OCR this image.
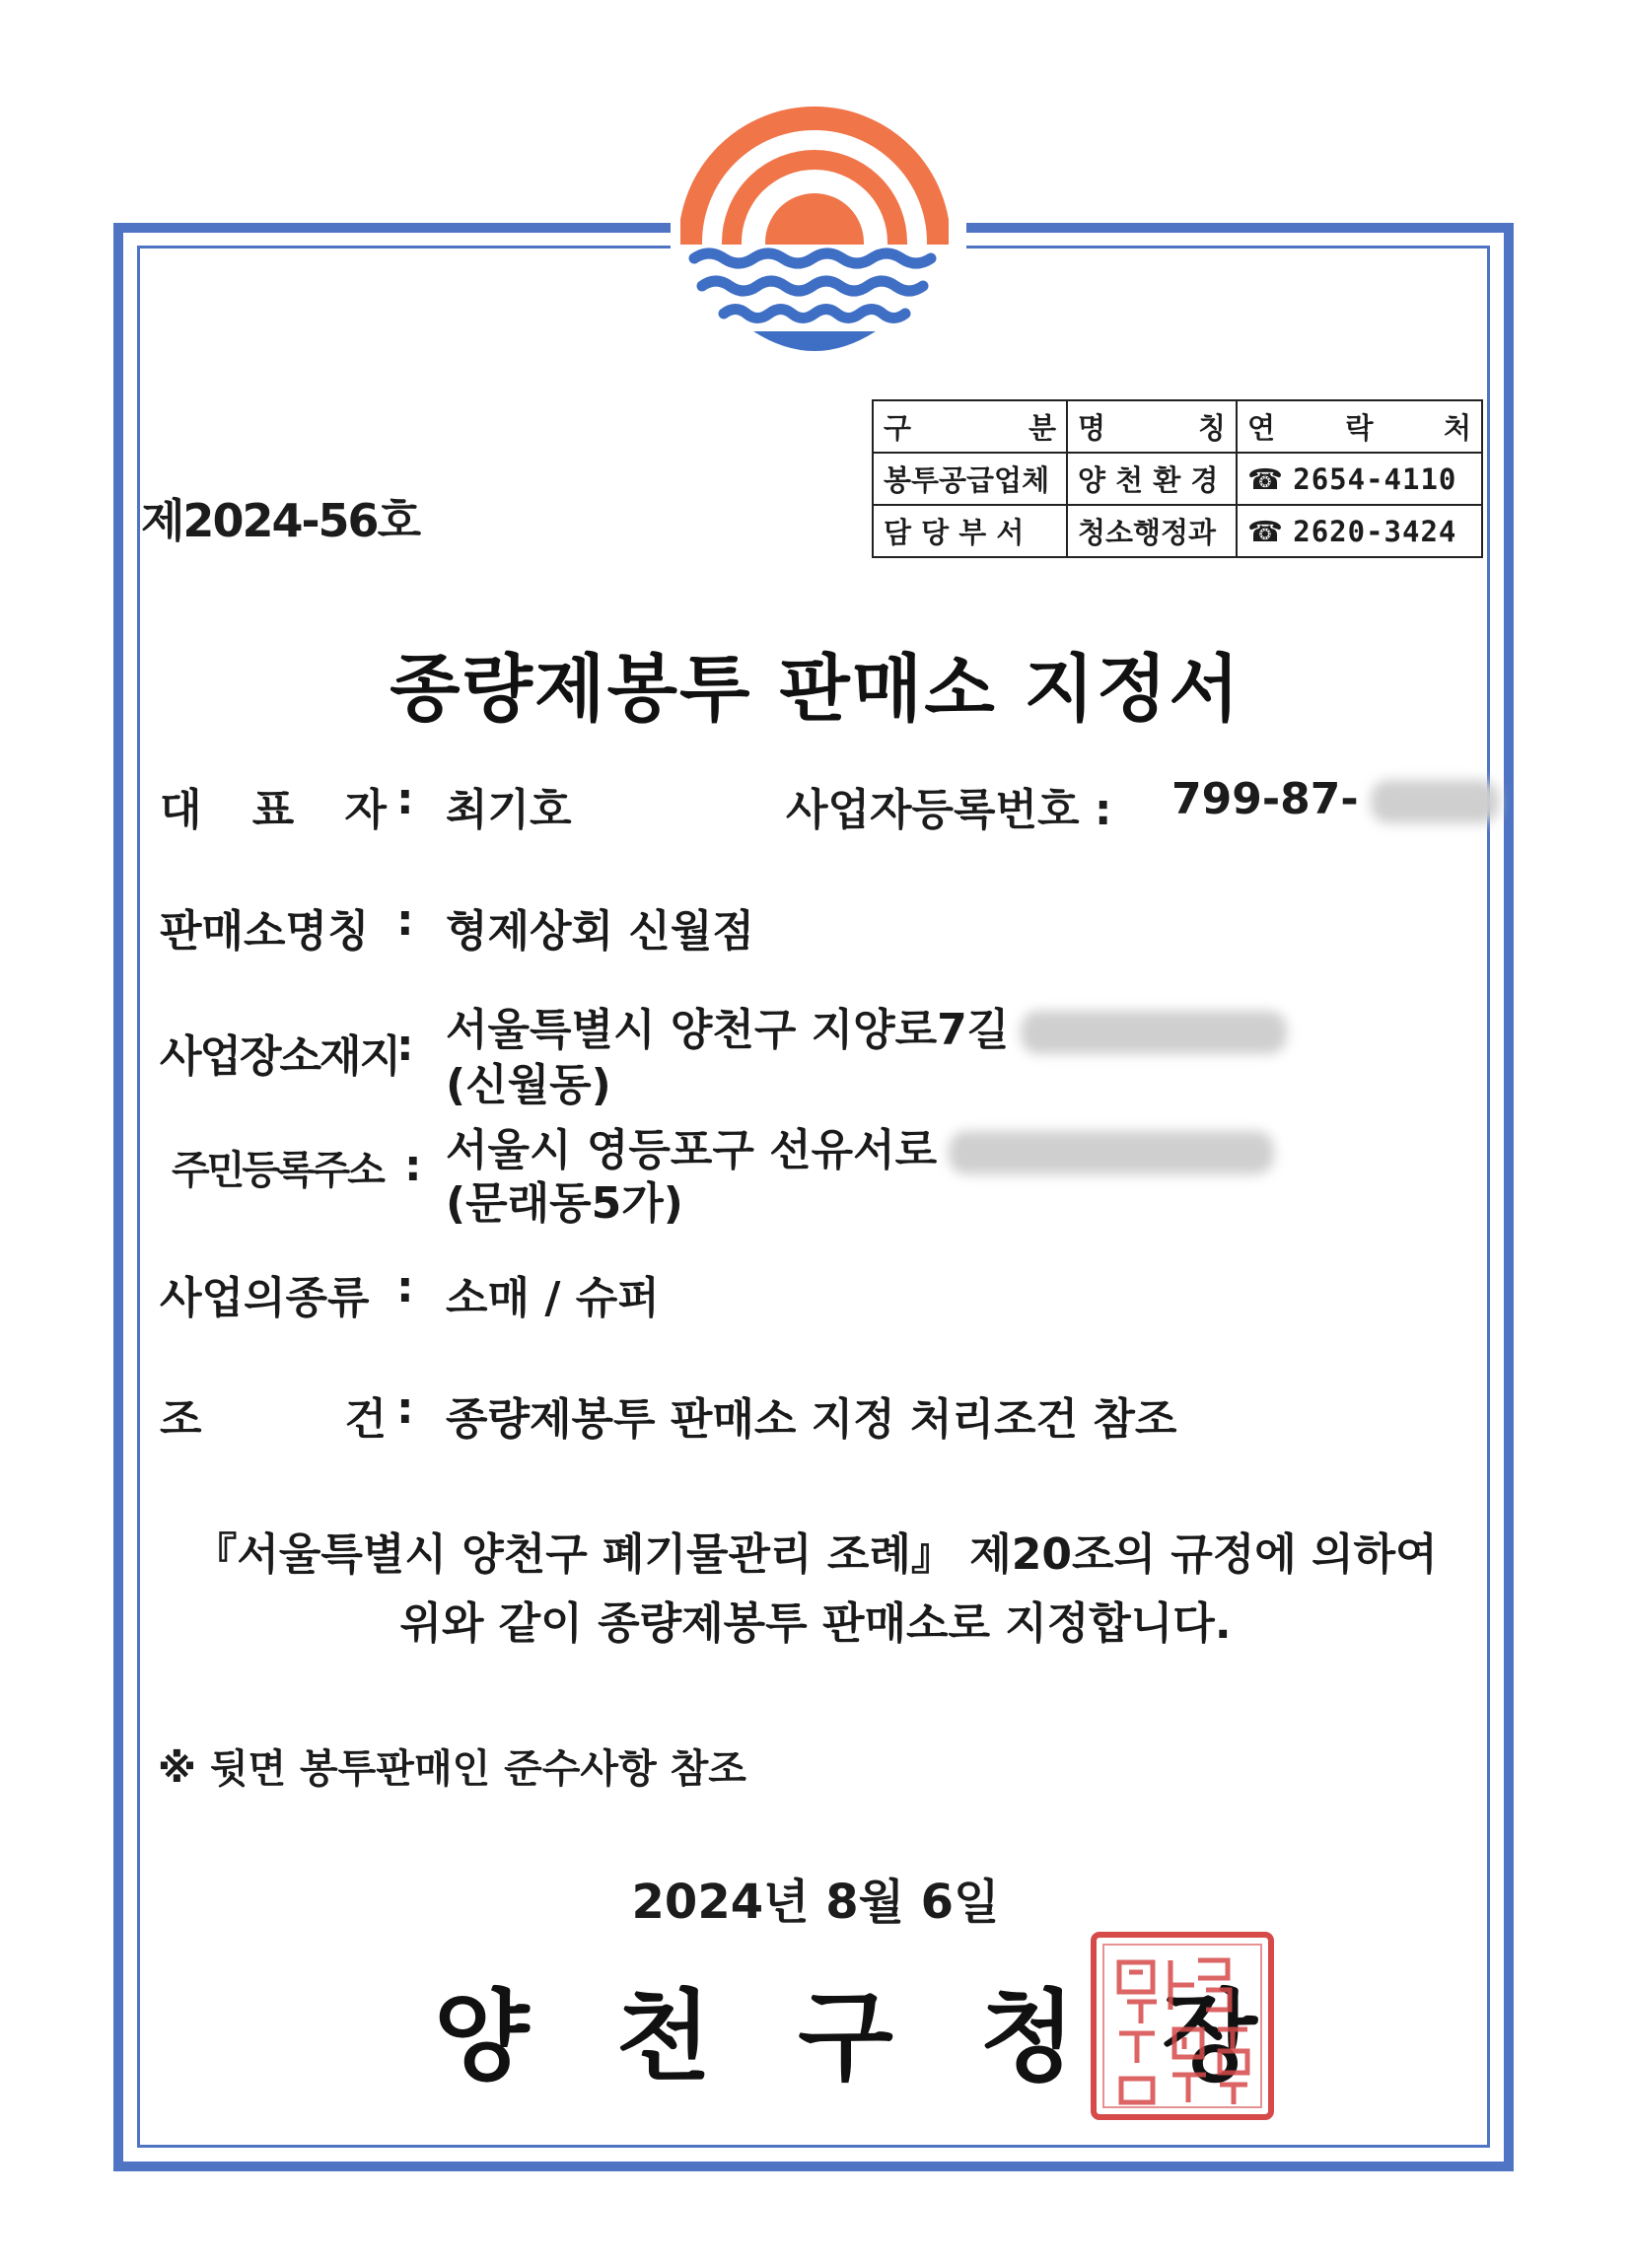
구 분	명 칭	연 락 처

봉투공급업체	양 천 환 경	☎ 2654-4110
담 당 부 서	청소행정과	☎ 2620-3424
제2024-56호
종량제봉투 판매소 지정서
대 표 자 : 최기호	사업자등록번호 : 799-87-
판매소명칭 : 형제상회 신월점
사업장소재지
: 서울특별시 양천구 지양로7길
(신월동)
주민등록주소 : 서울시 영등포구 선유서로
(문래동5가)
사업의종류 : 소매 / 슈퍼
조	건 : 종량제봉투 판매소 지정 처리조건 참조
『서울특별시 양천구 폐기물관리 조례』 제20조의 규정에 의하여
위와 같이 종량제봉투 판매소로 지정합니다.
※ 뒷면 봉투판매인 준수사항 참조
2024년 8월 6일
양천구청장
